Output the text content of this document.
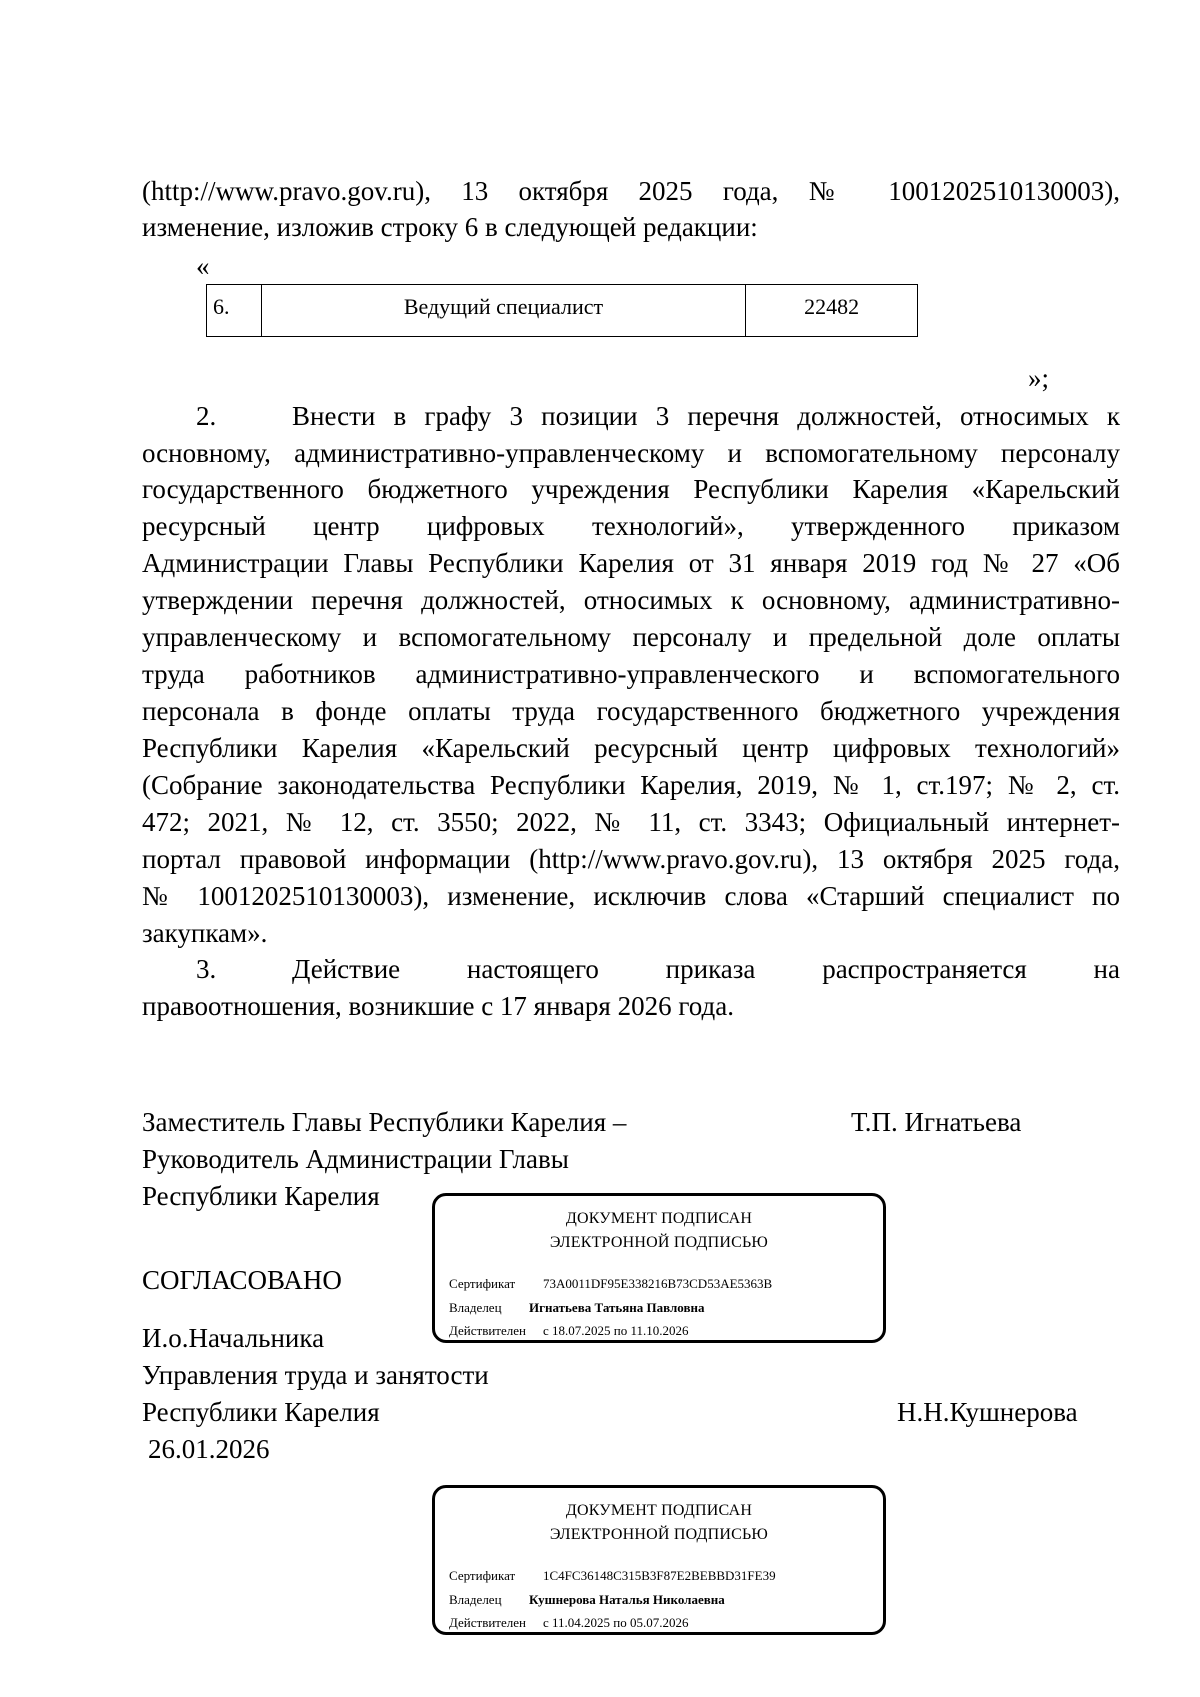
(http://www.pravo.gov.ru), 13 октября 2025 года, № 1001202510130003),
изменение, изложив строку 6 в следующей редакции:
«
6.	Ведущий специалист	22482
»;
2.	Внести в графу 3 позиции 3 перечня должностей, относимых к
основному, административно-управленческому и вспомогательному персоналу
государственного бюджетного учреждения Республики Карелия «Карельский
ресурсный центр цифровых технологий», утвержденного приказом
Администрации Главы Республики Карелия от 31 января 2019 год № 27 «Об
утверждении перечня должностей, относимых к основному, административно-
управленческому и вспомогательному персоналу и предельной доле оплаты
труда работников административно-управленческого и вспомогательного
персонала в фонде оплаты труда государственного бюджетного учреждения
Республики Карелия «Карельский ресурсный центр цифровых технологий»
(Собрание законодательства Республики Карелия, 2019, № 1, ст.197; № 2, ст.
472; 2021, № 12, ст. 3550; 2022, № 11, ст. 3343; Официальный интернет-
портал правовой информации (http://www.pravo.gov.ru), 13 октября 2025 года,
№ 1001202510130003), изменение, исключив слова «Старший специалист по
закупкам».
3.	Действие настоящего приказа распространяется на
правоотношения, возникшие с 17 января 2026 года.
Заместитель Главы Республики Карелия –
Руководитель Администрации Главы
Республики Карелия
Т.П. Игнатьева
СОГЛАСОВАНО
И.о.Начальника
Управления труда и занятости
Республики Карелия
26.01.2026
Н.Н.Кушнерова
ДОКУМЕНТ ПОДПИСАН
ЭЛЕКТРОННОЙ ПОДПИСЬЮ
Сертификат 73A0011DF95E338216B73CD53AE5363B
Владелец Игнатьева Татьяна Павловна
Действителен с 18.07.2025 по 11.10.2026
ДОКУМЕНТ ПОДПИСАН
ЭЛЕКТРОННОЙ ПОДПИСЬЮ
Сертификат 1C4FC36148C315B3F87E2BEBBD31FE39
Владелец Кушнерова Наталья Николаевна
Действителен с 11.04.2025 по 05.07.2026
